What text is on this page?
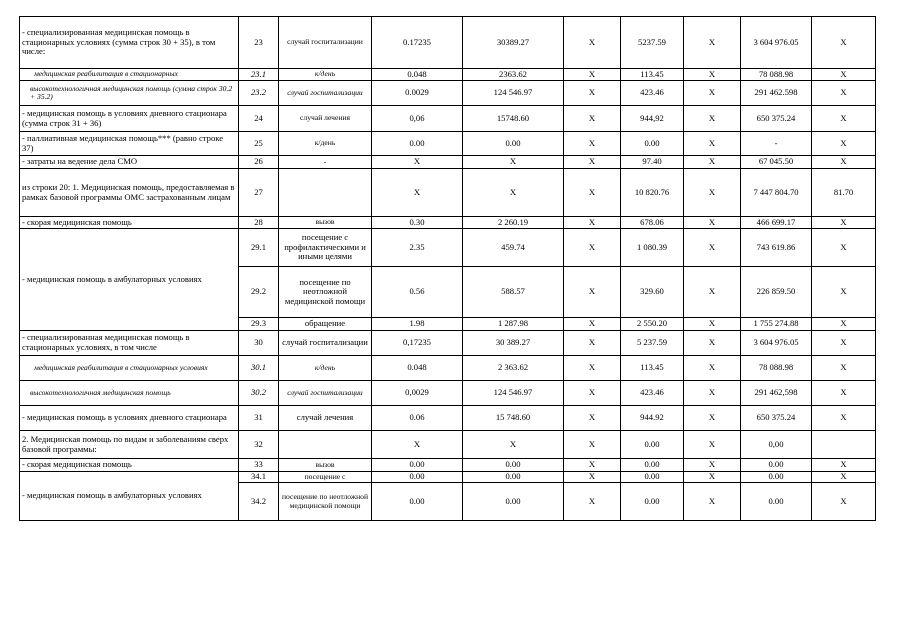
- специализированная медицинская помощь в стационарных условиях (сумма строк 30 + 35), в том числе:	23	случай госпитализации	0.17235	30389.27	X	5237.59	X	3 604 976.05	X
медицинская реабилитация в стационарных	23.1	к/день	0.048	2363.62	X	113.45	X	78 088.98	X
высокотехнологичная медицинская помощь (сумма строк 30.2 + 35.2)	23.2	случай госпитализации	0.0029	124 546.97	X	423.46	X	291 462.598	X
- медицинская помощь в условиях дневного стационара (сумма строк 31 + 36)	24	случай лечения	0,06	15748.60	X	944,92	X	650 375.24	X
- паллиативная медицинская помощь*** (равно строке 37)	25	к/день	0.00	0.00	X	0.00	X	-	X
- затраты на ведение дела СМО	26	-	X	X	X	97.40	X	67 045.50	X
из строки 20: 1. Медицинская помощь, предоставляемая в рамках базовой программы ОМС застрахованным лицам	27		X	X	X	10 820.76	X	7 447 804.70	81.70
- скорая медицинская помощь	28	вызов	0.30	2 260.19	X	678.06	X	466 699.17	X
- медицинская помощь в амбулаторных условиях	29.1	посещение с профилактическими и иными целями	2.35	459.74	X	1 080.39	X	743 619.86	X
	29.2	посещение по неотложной медицинской помощи	0.56	588.57	X	329.60	X	226 859.50	X
	29.3	обращение	1.98	1 287.98	X	2 550.20	X	1 755 274.88	X
- специализированная медицинская помощь в стационарных условиях, в том числе	30	случай госпитализации	0,17235	30 389.27	X	5 237.59	X	3 604 976.05	X
медицинская реабилитация в стационарных условиях	30.1	к/день	0.048	2 363.62	X	113.45	X	78 088.98	X
высокотехнологичная медицинская помощь	30.2	случай госпитализации	0,0029	124 546.97	X	423.46	X	291 462,598	X
- медицинская помощь в условиях дневного стационара	31	случай лечения	0.06	15 748.60	X	944.92	X	650 375.24	X
2. Медицинская помощь по видам и заболеваниям сверх базовой программы:	32		X	X	X	0.00	X	0,00	
- скорая медицинская помощь	33	вызов	0.00	0.00	X	0.00	X	0.00	X
- медицинская помощь в амбулаторных условиях	34.1	посещение с	0.00	0.00	X	0.00	X	0.00	X
	34.2	посещение по неотложной медицинской помощи	0.00	0.00	X	0.00	X	0.00	X
